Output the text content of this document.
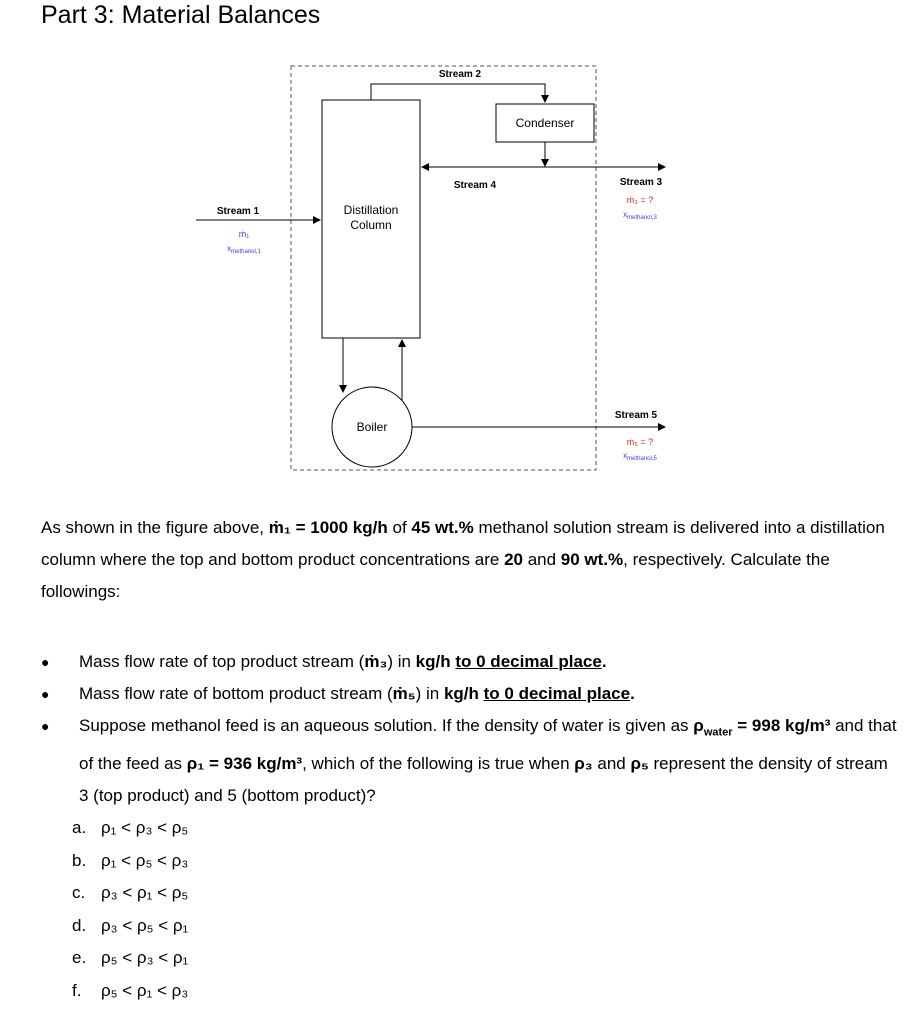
Part 3: Material Balances
Distillation
Column
Condenser
Boiler
Stream 2
Stream 4	Stream 3
ṁ₃ = ?
$x_{methanol,3}$
Stream 1
ṁ₁
$x_{methanol,1}$
Stream 5
ṁ₅ = ?
$x_{methanol,5}$
As shown in the figure above, ṁ₁ = 1000 kg/h of 45 wt.% methanol solution stream is delivered into a distillation column where the top and bottom product concentrations are 20 and 90 wt.%, respectively. Calculate the followings:
●	Mass flow rate of top product stream (ṁ₃) in kg/h to 0 decimal place.
●	Mass flow rate of bottom product stream (ṁ₅) in kg/h to 0 decimal place.
●	Suppose methanol feed is an aqueous solution. If the density of water is given as $\rho_{water} = 998$ kg/m³ and that of the feed as ρ₁ = 936 kg/m³, which of the following is true when ρ₃ and ρ₅ represent the density of stream 3 (top product) and 5 (bottom product)?
a. ρ₁ < ρ₃ < ρ₅
b. ρ₁ < ρ₅ < ρ₃
c. ρ₃ < ρ₁ < ρ₅
d. ρ₃ < ρ₅ < ρ₁
e. ρ₅ < ρ₃ < ρ₁
f. ρ₅ < ρ₁ < ρ₃
